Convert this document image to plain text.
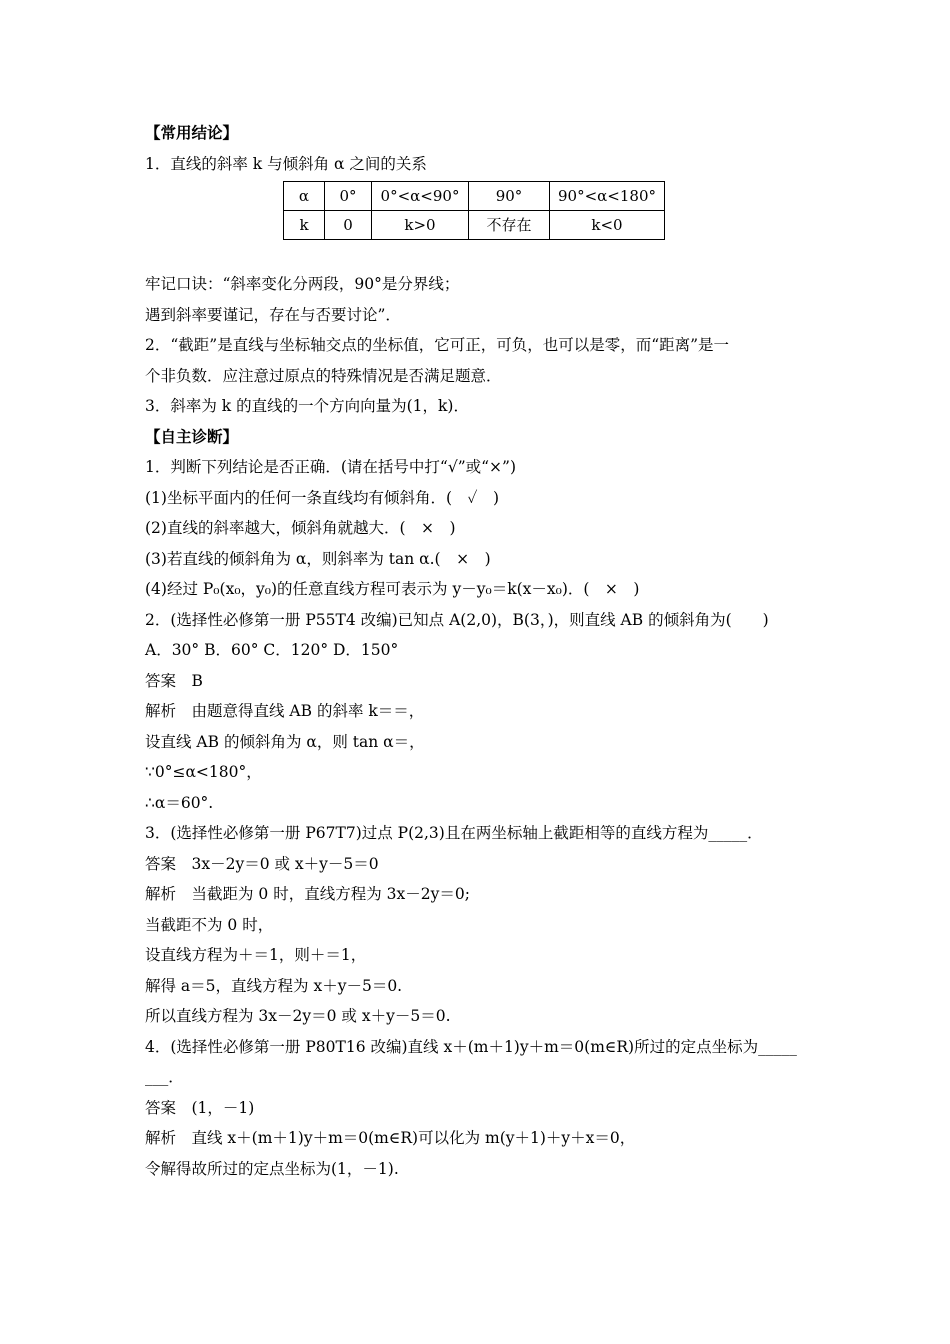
【常用结论】
1．直线的斜率 k 与倾斜角 α 之间的关系
α	0°	0°<α<90°	90°	90°<α<180°
k	0	k>0	不存在	k<0
牢记口诀：“斜率变化分两段，90°是分界线；
遇到斜率要谨记，存在与否要讨论”．
2．“截距”是直线与坐标轴交点的坐标值，它可正，可负，也可以是零，而“距离”是一
个非负数．应注意过原点的特殊情况是否满足题意．
3．斜率为 k 的直线的一个方向向量为(1，k)．
【自主诊断】
1．判断下列结论是否正确．(请在括号中打“√”或“×”)
(1)坐标平面内的任何一条直线均有倾斜角．(　✓　)
(2)直线的斜率越大，倾斜角就越大．(　×　)
(3)若直线的倾斜角为 α，则斜率为 tan α.(　×　)
(4)经过 P₀(x₀，y₀)的任意直线方程可表示为 y－y₀＝k(x－x₀)．(　×　)
2．(选择性必修第一册 P55T4 改编)已知点 A(2,0)，B(3，)，则直线 AB 的倾斜角为(　　)
A．30° B．60° C．120° D．150°
答案　B
解析　由题意得直线 AB 的斜率 k＝＝，
设直线 AB 的倾斜角为 α，则 tan α＝，
∵0°≤α<180°，
∴α＝60°.
3．(选择性必修第一册 P67T7)过点 P(2,3)且在两坐标轴上截距相等的直线方程为_____．
答案　3x－2y＝0 或 x＋y－5＝0
解析　当截距为 0 时，直线方程为 3x－2y＝0;
当截距不为 0 时，
设直线方程为＋＝1，则＋＝1，
解得 a＝5，直线方程为 x＋y－5＝0.
所以直线方程为 3x－2y＝0 或 x＋y－5＝0.
4．(选择性必修第一册 P80T16 改编)直线 x＋(m＋1)y＋m＝0(m∈R)所过的定点坐标为_____
___．
答案　(1，－1)
解析　直线 x＋(m＋1)y＋m＝0(m∈R)可以化为 m(y＋1)＋y＋x＝0，
令解得故所过的定点坐标为(1，－1).
